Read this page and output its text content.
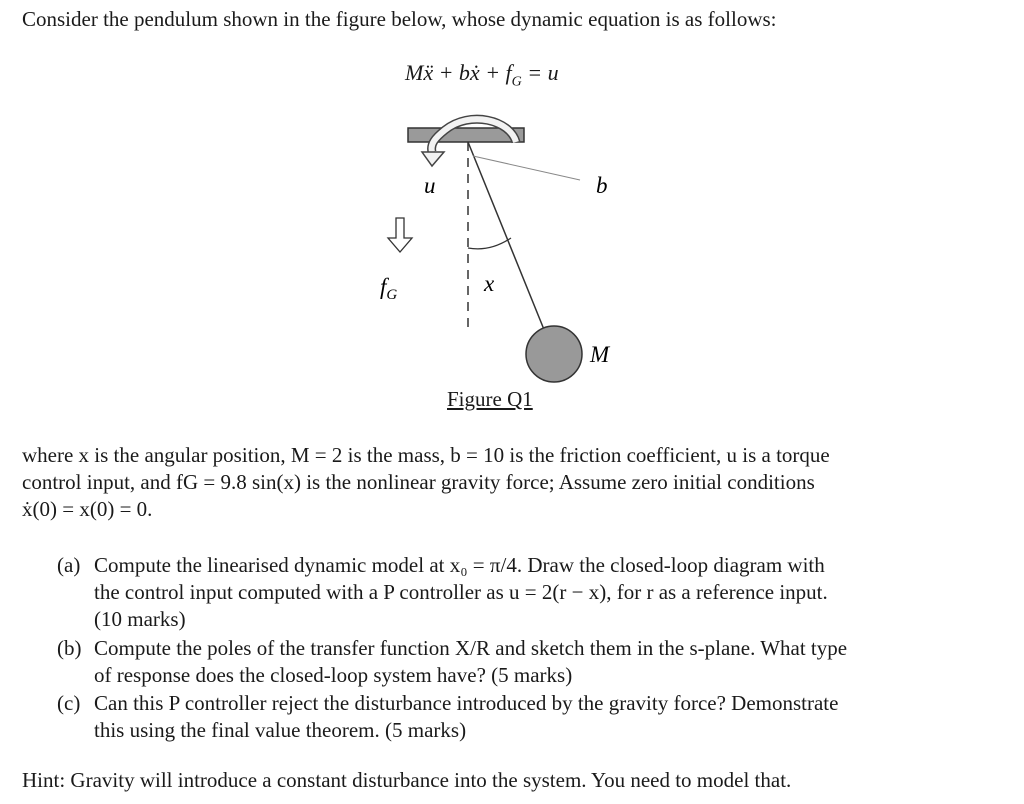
Consider the pendulum shown in the figure below, whose dynamic equation is as follows:
Mẍ + bẋ + $f_G = u$
u	b
$f_G$	x
M
Figure Q1
where x is the angular position, M = 2 is the mass, b = 10 is the friction coefficient, u is a torque
control input, and fG = 9.8 sin(x) is the nonlinear gravity force; Assume zero initial conditions
ẋ(0) = x(0) = 0.
(a) Compute the linearised dynamic model at x₀ = π/4. Draw the closed-loop diagram with
the control input computed with a P controller as u = 2(r − x), for r as a reference input.
(10 marks)
(b) Compute the poles of the transfer function X/R and sketch them in the s-plane. What type
of response does the closed-loop system have? (5 marks)
(c) Can this P controller reject the disturbance introduced by the gravity force? Demonstrate
this using the final value theorem. (5 marks)
Hint: Gravity will introduce a constant disturbance into the system. You need to model that.
